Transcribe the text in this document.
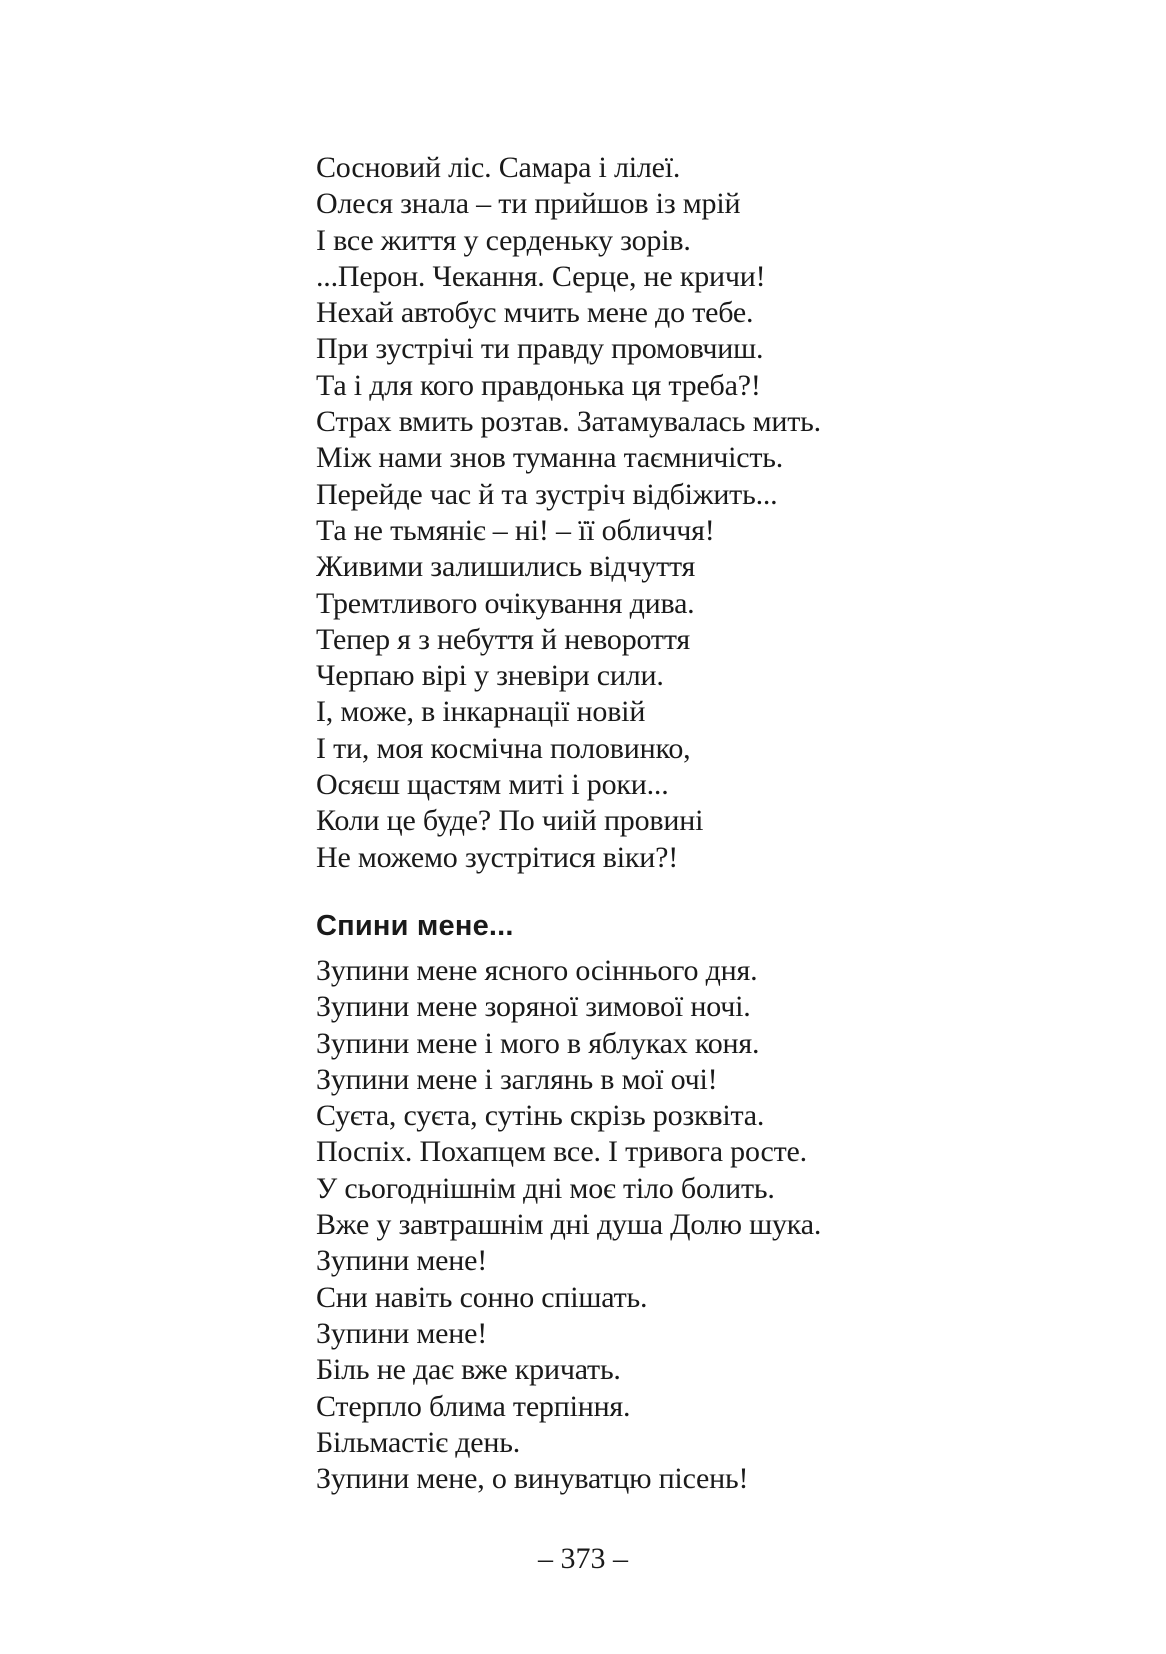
Сосновий ліс. Самара і лілеї.
Олеся знала – ти прийшов із мрій
І все життя у серденьку зорів.
...Перон. Чекання. Серце, не кричи!
Нехай автобус мчить мене до тебе.
При зустрічі ти правду промовчиш.
Та і для кого правдонька ця треба?!
Страх вмить розтав. Затамувалась мить.
Між нами знов туманна таємничість.
Перейде час й та зустріч відбіжить...
Та не тьмяніє – ні! – її обличчя!
Живими залишились відчуття
Тремтливого очікування дива.
Тепер я з небуття й невороття
Черпаю вірі у зневіри сили.
І, може, в інкарнації новій
І ти, моя космічна половинко,
Осяєш щастям миті і роки...
Коли це буде? По чиій провині
Не можемо зустрітися віки?!
Спини мене...
Зупини мене ясного осіннього дня.
Зупини мене зоряної зимової ночі.
Зупини мене і мого в яблуках коня.
Зупини мене і заглянь в мої очі!
Суєта, суєта, сутінь скрізь розквіта.
Поспіх. Похапцем все. І тривога росте.
У сьогоднішнім дні моє тіло болить.
Вже у завтрашнім дні душа Долю шука.
Зупини мене!
Сни навіть сонно спішать.
Зупини мене!
Біль не дає вже кричать.
Стерпло блима терпіння.
Більмастіє день.
Зупини мене, о винуватцю пісень!
– 373 –
